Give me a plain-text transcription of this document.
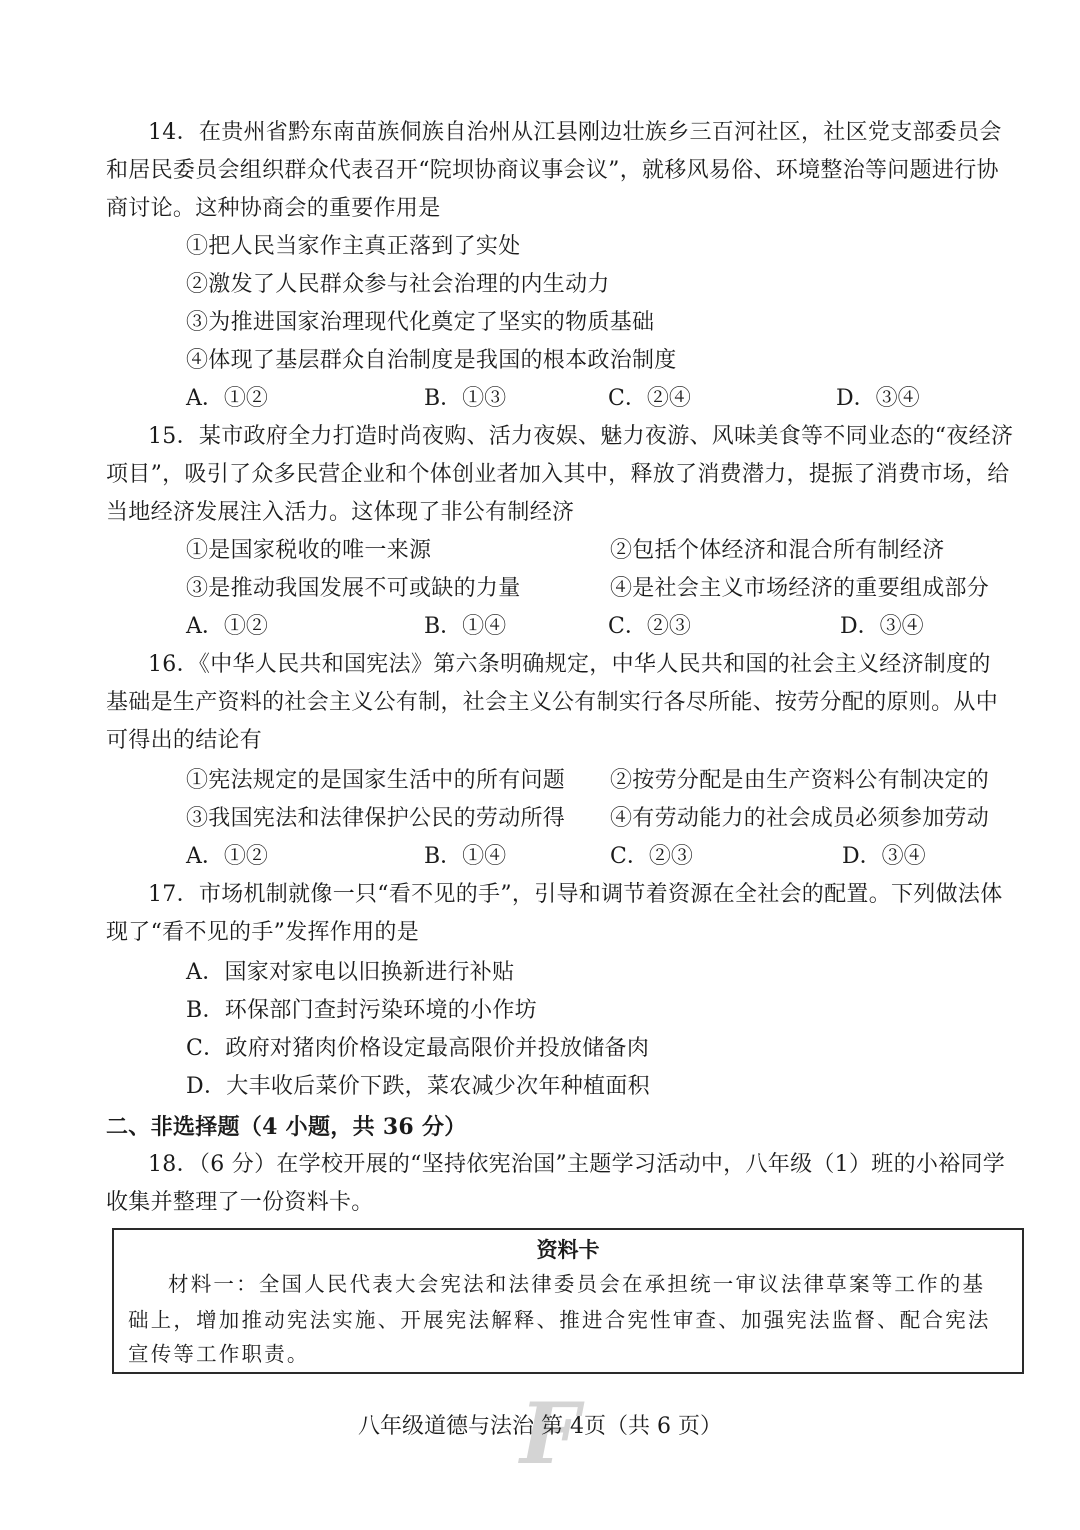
14．在贵州省黔东南苗族侗族自治州从江县刚边壮族乡三百河社区，社区党支部委员会
和居民委员会组织群众代表召开“院坝协商议事会议”，就移风易俗、环境整治等问题进行协
商讨论。这种协商会的重要作用是
①把人民当家作主真正落到了实处
②激发了人民群众参与社会治理的内生动力
③为推进国家治理现代化奠定了坚实的物质基础
④体现了基层群众自治制度是我国的根本政治制度
A．①②	B．①③	C．②④	D．③④
15．某市政府全力打造时尚夜购、活力夜娱、魅力夜游、风味美食等不同业态的“夜经济
项目”，吸引了众多民营企业和个体创业者加入其中，释放了消费潜力，提振了消费市场，给
当地经济发展注入活力。这体现了非公有制经济
①是国家税收的唯一来源	②包括个体经济和混合所有制经济
③是推动我国发展不可或缺的力量	④是社会主义市场经济的重要组成部分
A．①②	B．①④	C．②③	D．③④
16．《中华人民共和国宪法》第六条明确规定，中华人民共和国的社会主义经济制度的
基础是生产资料的社会主义公有制，社会主义公有制实行各尽所能、按劳分配的原则。从中
可得出的结论有
①宪法规定的是国家生活中的所有问题 ②按劳分配是由生产资料公有制决定的
③我国宪法和法律保护公民的劳动所得 ④有劳动能力的社会成员必须参加劳动
A．①②	B．①④	C．②③	D．③④
17．市场机制就像一只“看不见的手”，引导和调节着资源在全社会的配置。下列做法体
现了“看不见的手”发挥作用的是
A．国家对家电以旧换新进行补贴
B．环保部门查封污染环境的小作坊
C．政府对猪肉价格设定最高限价并投放储备肉
D．大丰收后菜价下跌，菜农减少次年种植面积
二、非选择题（4 小题，共 36 分）
18．（6 分）在学校开展的“坚持依宪治国”主题学习活动中，八年级（1）班的小裕同学
收集并整理了一份资料卡。
资料卡
材料一：全国人民代表大会宪法和法律委员会在承担统一审议法律草案等工作的基
础上，增加推动宪法实施、开展宪法解释、推进合宪性审查、加强宪法监督、配合宪法
宣传等工作职责。
F
八年级道德与法治 第 4页（共 6 页）
